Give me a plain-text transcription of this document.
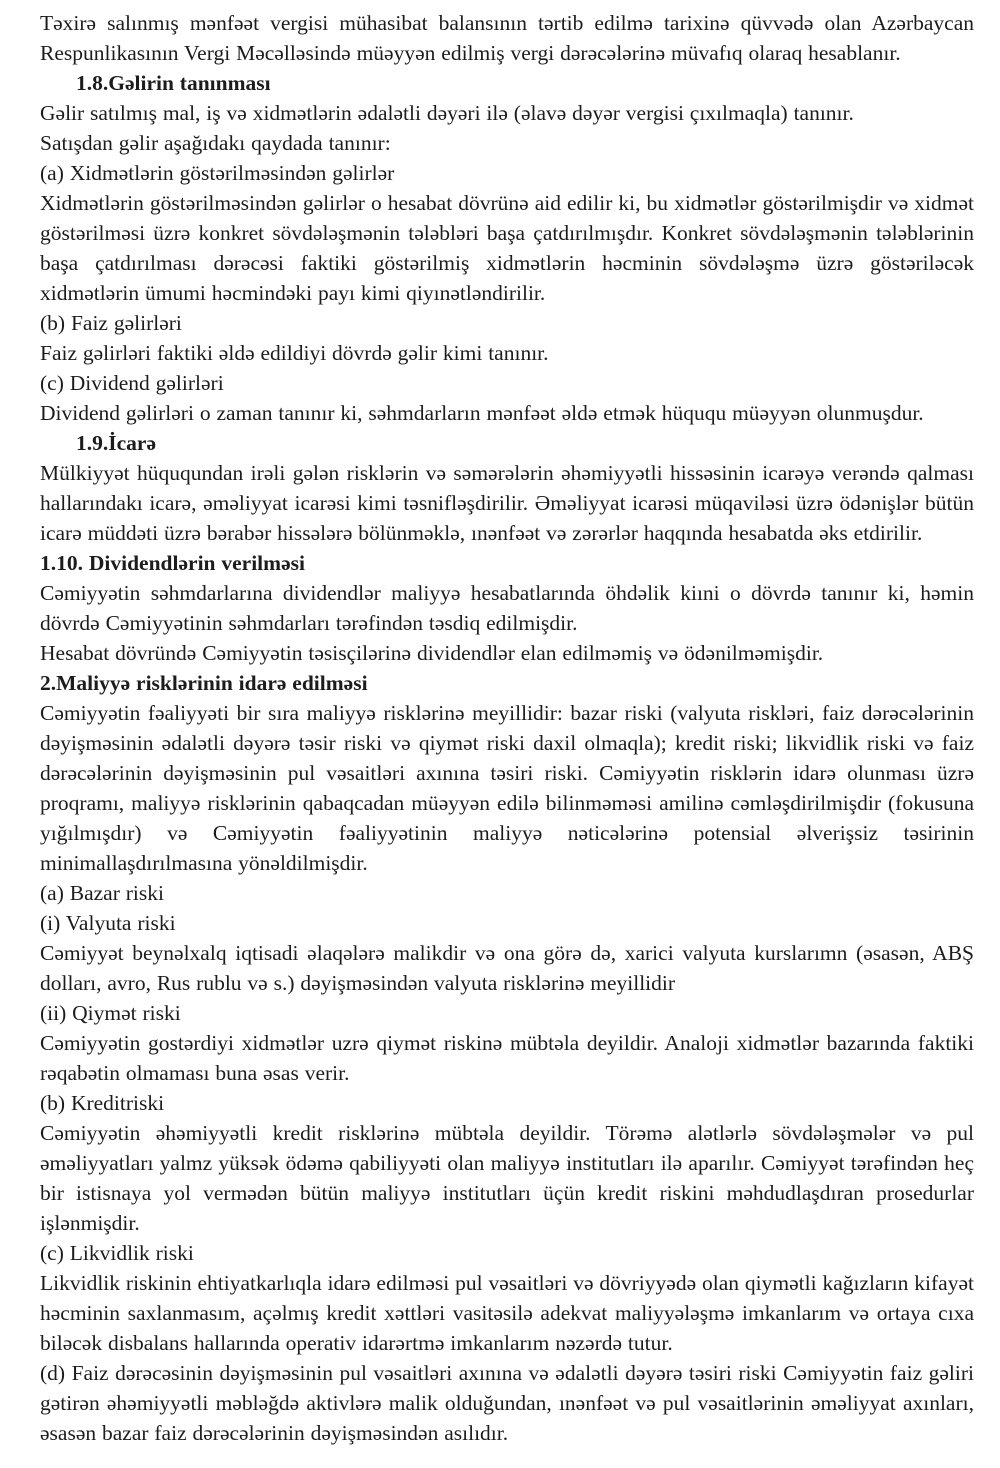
Təxirə salınmış mənfəət vergisi mühasibat balansının tərtib edilmə tarixinə qüvvədə olan Azərbaycan Respunlikasının Vergi Məcəlləsində müəyyən edilmiş vergi dərəcələrinə müvafıq olaraq hesablanır.

1.8.Gəlirin tanınması

Gəlir satılmış mal, iş və xidmətlərin ədalətli dəyəri ilə (əlavə dəyər vergisi çıxılmaqla) tanınır.

Satışdan gəlir aşağıdakı qaydada tanınır:

(a) Xidmətlərin göstərilməsindən gəlirlər

Xidmətlərin göstərilməsindən gəlirlər o hesabat dövrünə aid edilir ki, bu xidmətlər göstərilmişdir və xidmət göstərilməsi üzrə konkret sövdələşmənin tələbləri başa çatdırılmışdır. Konkret sövdələşmənin tələblərinin başa çatdırılması dərəcəsi faktiki göstərilmiş xidmətlərin həcminin sövdələşmə üzrə göstəriləcək xidmətlərin ümumi həcmindəki payı kimi qiyınətləndirilir.

(b) Faiz gəlirləri

Faiz gəlirləri faktiki əldə edildiyi dövrdə gəlir kimi tanınır.

(c) Dividend gəlirləri

Dividend gəlirləri o zaman tanınır ki, səhmdarların mənfəət əldə etmək hüququ müəyyən olunmuşdur.

1.9.İcarə

Mülkiyyət hüququndan irəli gələn risklərin və səmərələrin əhəmiyyətli hissəsinin icarəyə verəndə qalması hallarındakı icarə, əməliyyat icarəsi kimi təsnifləşdirilir. Əməliyyat icarəsi müqaviləsi üzrə ödənişlər bütün icarə müddəti üzrə bərabər hissələrə bölünməklə, ınənfəət və zərərlər haqqında hesabatda əks etdirilir.

1.10. Dividendlərin verilməsi

Cəmiyyətin səhmdarlarına dividendlər maliyyə hesabatlarında öhdəlik kiıni o dövrdə tanınır ki, həmin dövrdə Cəmiyyətinin səhmdarları tərəfindən təsdiq edilmişdir.

Hesabat dövründə Cəmiyyətin təsisçilərinə dividendlər elan edilməmiş və ödənilməmişdir.

2.Maliyyə risklərinin idarə edilməsi

Cəmiyyətin fəaliyyəti bir sıra maliyyə risklərinə meyillidir: bazar riski (valyuta riskləri, faiz dərəcələrinin dəyişməsinin ədalətli dəyərə təsir riski və qiymət riski daxil olmaqla); kredit riski; likvidlik riski və faiz dərəcələrinin dəyişməsinin pul vəsaitləri axınına təsiri riski. Cəmiyyətin risklərin idarə olunması üzrə proqramı, maliyyə risklərinin qabaqcadan müəyyən edilə bilinməməsi amilinə cəmləşdirilmişdir (fokusuna yığılmışdır) və Cəmiyyətin fəaliyyətinin maliyyə nəticələrinə potensial əlverişsiz təsirinin minimallaşdırılmasına yönəldilmişdir.

(a) Bazar riski

(i) Valyuta riski

Cəmiyyət beynəlxalq iqtisadi əlaqələrə malikdir və ona görə də, xarici valyuta kurslarımn (əsasən, ABŞ dolları, avro, Rus rublu və s.) dəyişməsindən valyuta risklərinə meyillidir

(ii) Qiymət riski

Cəmiyyətin gostərdiyi xidmətlər uzrə qiymət riskinə mübtəla deyildir. Analoji xidmətlər bazarında faktiki rəqabətin olmaması buna əsas verir.

(b) Kreditriski

Cəmiyyətin əhəmiyyətli kredit risklərinə mübtəla deyildir. Törəmə alətlərlə sövdələşmələr və pul əməliyyatları yalmz yüksək ödəmə qabiliyyəti olan maliyyə institutları ilə aparılır. Cəmiyyət tərəfindən heç bir istisnaya yol vermədən bütün maliyyə institutları üçün kredit riskini məhdudlaşdıran prosedurlar işlənmişdir.

(c) Likvidlik riski

Likvidlik riskinin ehtiyatkarlıqla idarə edilməsi pul vəsaitləri və dövriyyədə olan qiymətli kağızların kifayət həcminin saxlanmasım, açəlmış kredit xəttləri vasitəsilə adekvat maliyyələşmə imkanlarım və ortaya cıxa biləcək disbalans hallarında operativ idarərtmə imkanlarım nəzərdə tutur.

(d) Faiz dərəcəsinin dəyişməsinin pul vəsaitləri axınına və ədalətli dəyərə təsiri riski Cəmiyyətin faiz gəliri gətirən əhəmiyyətli məbləğdə aktivlərə malik olduğundan, ınənfəət və pul vəsaitlərinin əməliyyat axınları, əsasən bazar faiz dərəcələrinin dəyişməsindən asılıdır.
